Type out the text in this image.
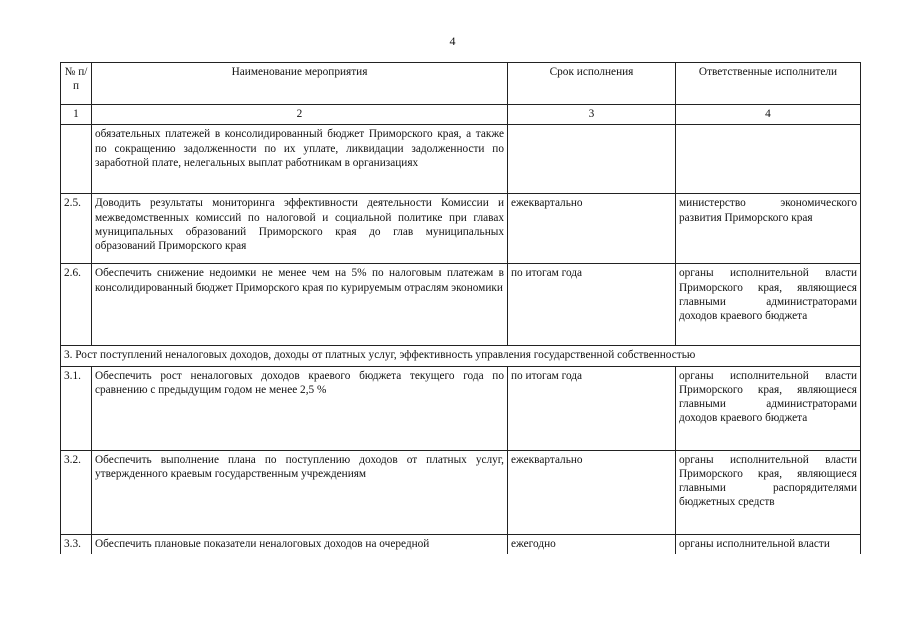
4
№ п/п	Наименование мероприятия	Срок исполнения	Ответственные исполнители
1	2	3	4
	обязательных платежей в консолидированный бюджет Приморского края, а также по сокращению задолженности по их уплате, ликвидации задолженности по заработной плате, нелегальных выплат работникам в организациях		
2.5.	Доводить результаты мониторинга эффективности деятельности Комиссии и межведомственных комиссий по налоговой и социальной политике при главах муниципальных образований Приморского края до глав муниципальных образований Приморского края	ежеквартально	министерство экономического развития Приморского края
2.6.	Обеспечить снижение недоимки не менее чем на 5% по налоговым платежам в консолидированный бюджет Приморского края по курируемым отраслям экономики	по итогам года	органы исполнительной власти Приморского края, являющиеся главными администраторами доходов краевого бюджета
3. Рост поступлений неналоговых доходов, доходы от платных услуг, эффективность управления государственной собственностью			
3.1.	Обеспечить рост неналоговых доходов краевого бюджета текущего года по сравнению с предыдущим годом не менее 2,5 %	по итогам года	органы исполнительной власти Приморского края, являющиеся главными администраторами доходов краевого бюджета
3.2.	Обеспечить выполнение плана по поступлению доходов от платных услуг, утвержденного краевым государственным учреждениям	ежеквартально	органы исполнительной власти Приморского края, являющиеся главными распорядителями бюджетных средств
3.3.	Обеспечить плановые показатели неналоговых доходов на очередной	ежегодно	органы исполнительной власти
